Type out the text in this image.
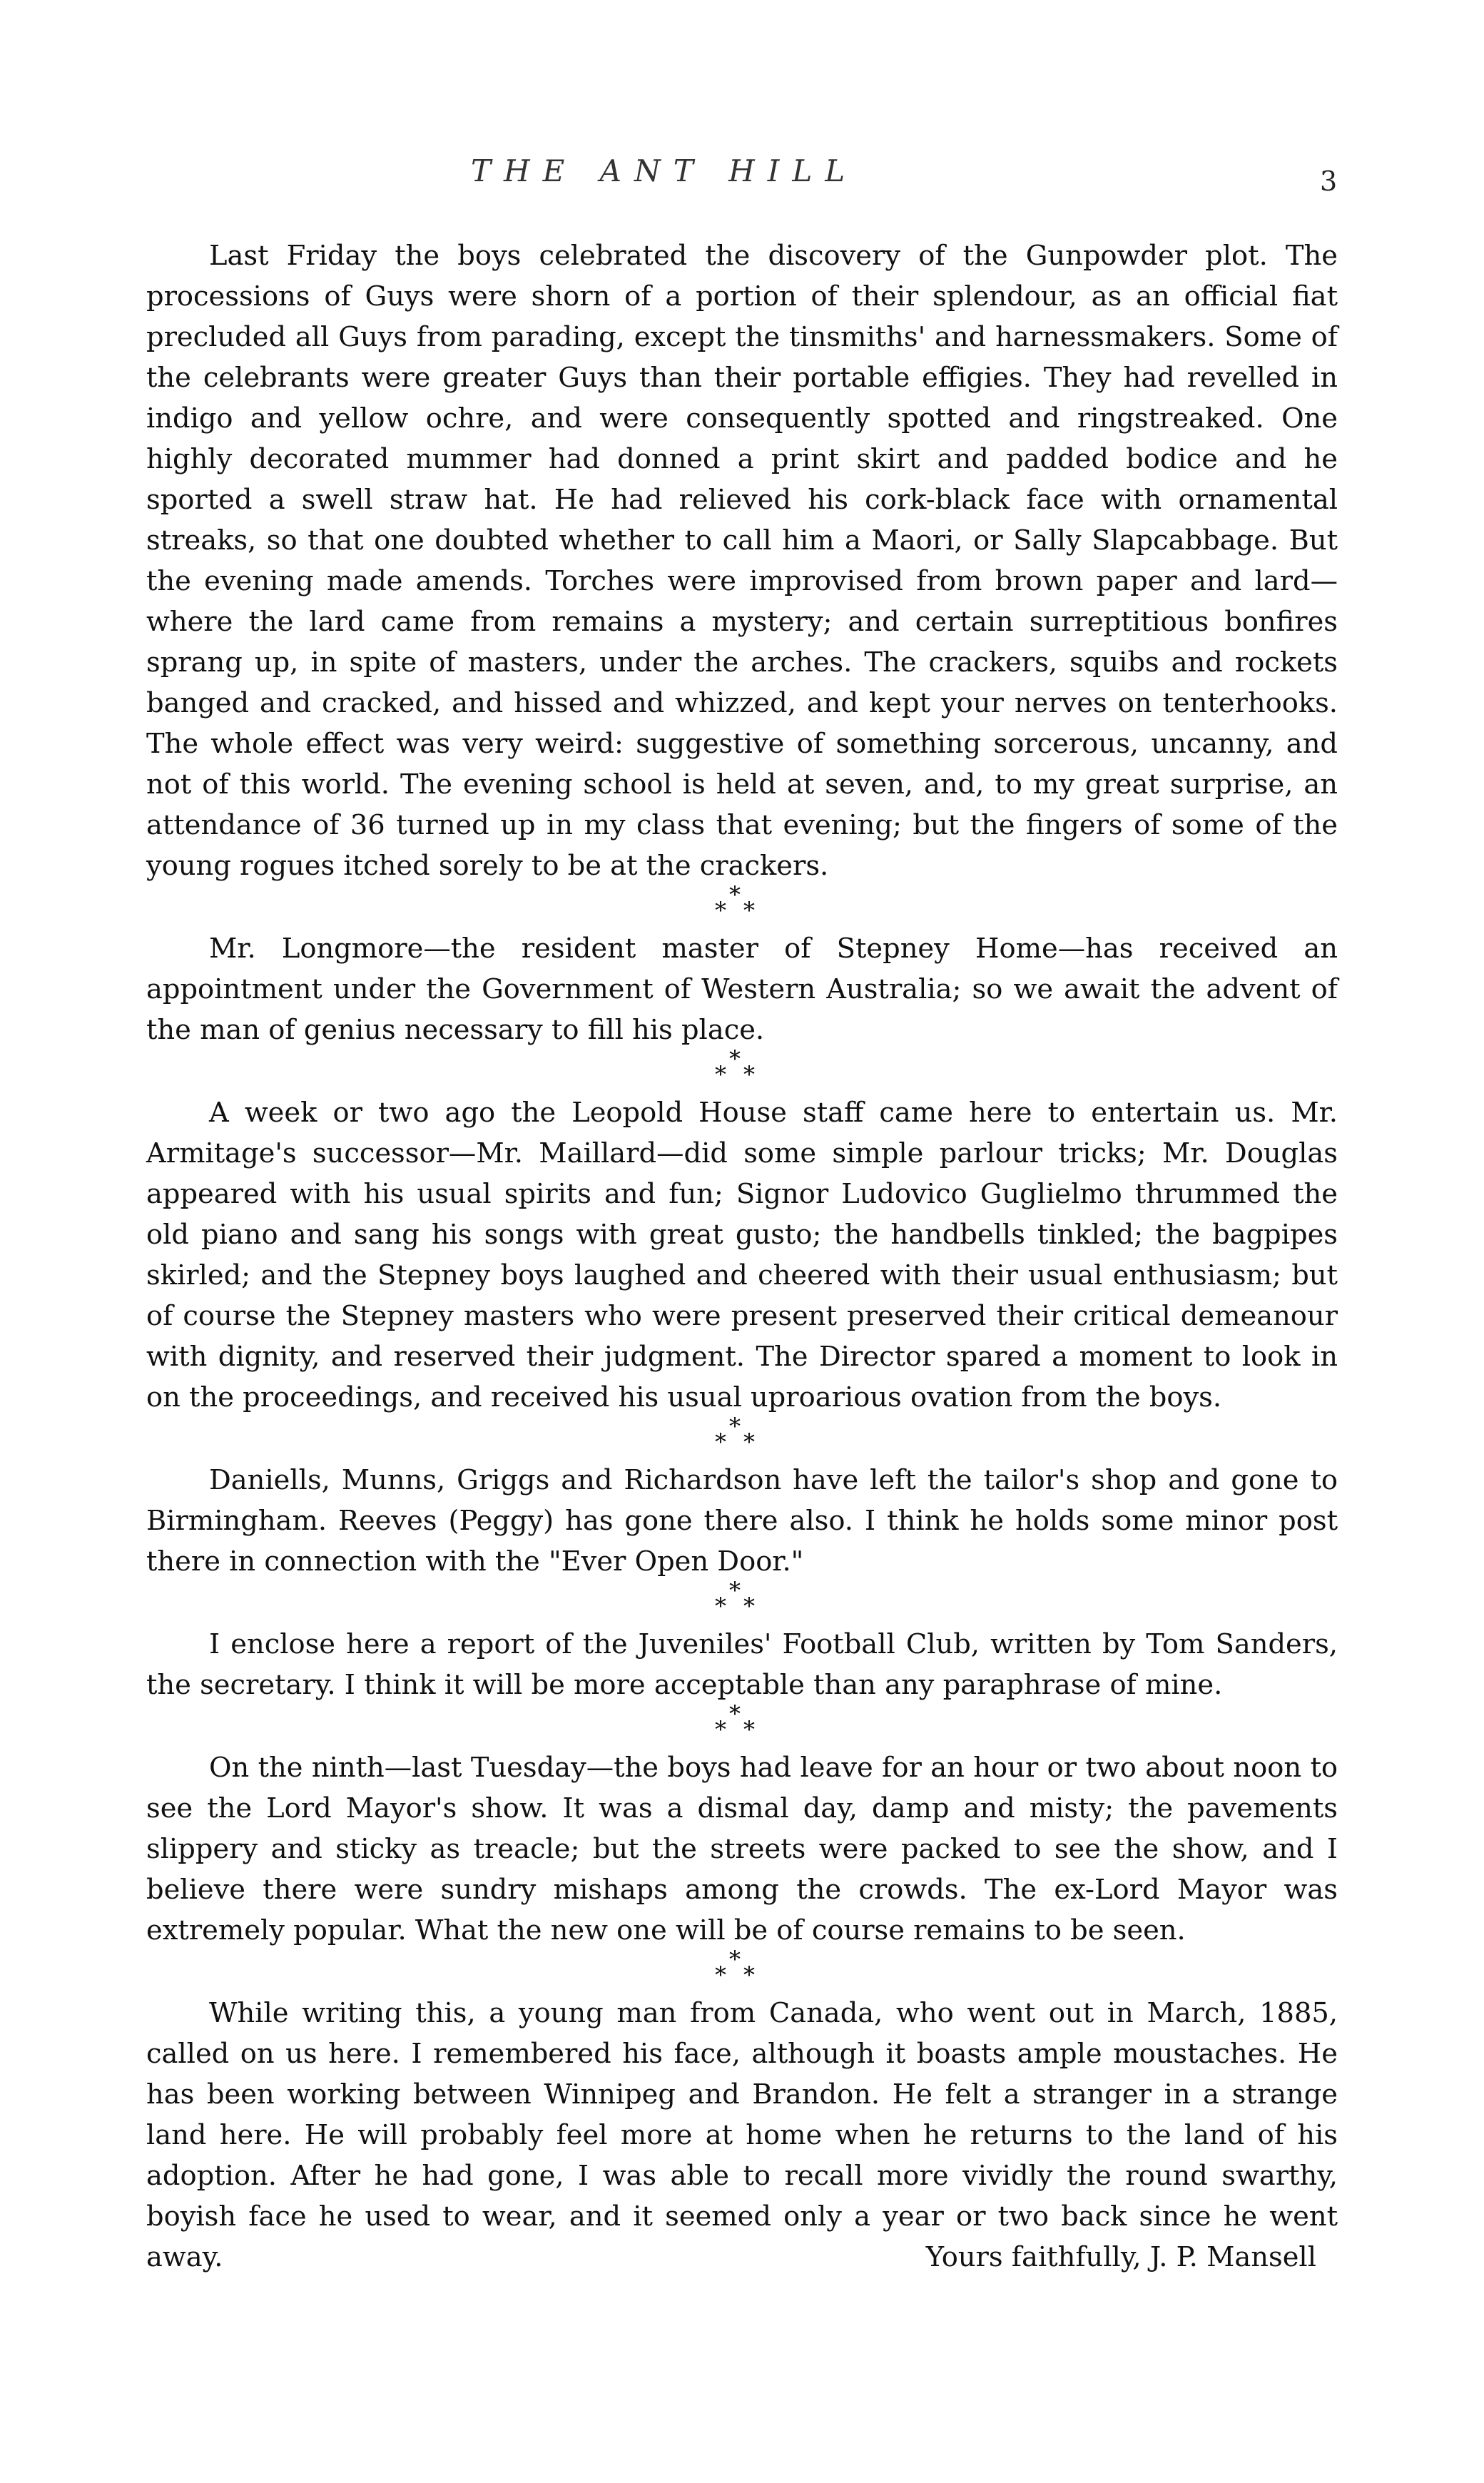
THE ANT HILL	3

Last Friday the boys celebrated the discovery of the Gunpowder plot. The processions of Guys were shorn of a portion of their splendour, as an official fiat precluded all Guys from parading, except the tinsmiths' and harnessmakers. Some of the celebrants were greater Guys than their portable effigies. They had revelled in indigo and yellow ochre, and were consequently spotted and ringstreaked. One highly decorated mummer had donned a print skirt and padded bodice and he sported a swell straw hat. He had relieved his cork-black face with ornamental streaks, so that one doubted whether to call him a Maori, or Sally Slapcabbage. But the evening made amends. Torches were improvised from brown paper and lard—where the lard came from remains a mystery; and certain surreptitious bonfires sprang up, in spite of masters, under the arches. The crackers, squibs and rockets banged and cracked, and hissed and whizzed, and kept your nerves on tenterhooks. The whole effect was very weird: suggestive of something sorcerous, uncanny, and not of this world. The evening school is held at seven, and, to my great surprise, an attendance of 36 turned up in my class that evening; but the fingers of some of the young rogues itched sorely to be at the crackers.

*
* *

Mr. Longmore—the resident master of Stepney Home—has received an appointment under the Government of Western Australia; so we await the advent of the man of genius necessary to fill his place.

*
* *

A week or two ago the Leopold House staff came here to entertain us. Mr. Armitage's successor—Mr. Maillard—did some simple parlour tricks; Mr. Douglas appeared with his usual spirits and fun; Signor Ludovico Guglielmo thrummed the old piano and sang his songs with great gusto; the handbells tinkled; the bagpipes skirled; and the Stepney boys laughed and cheered with their usual enthusiasm; but of course the Stepney masters who were present preserved their critical demeanour with dignity, and reserved their judgment. The Director spared a moment to look in on the proceedings, and received his usual uproarious ovation from the boys.

*
* *

Daniells, Munns, Griggs and Richardson have left the tailor's shop and gone to Birmingham. Reeves (Peggy) has gone there also. I think he holds some minor post there in connection with the "Ever Open Door."

*
* *

I enclose here a report of the Juveniles' Football Club, written by Tom Sanders, the secretary. I think it will be more acceptable than any paraphrase of mine.

*
* *

On the ninth—last Tuesday—the boys had leave for an hour or two about noon to see the Lord Mayor's show. It was a dismal day, damp and misty; the pavements slippery and sticky as treacle; but the streets were packed to see the show, and I believe there were sundry mishaps among the crowds. The ex-Lord Mayor was extremely popular. What the new one will be of course remains to be seen.

*
* *

While writing this, a young man from Canada, who went out in March, 1885, called on us here. I remembered his face, although it boasts ample moustaches. He has been working between Winnipeg and Brandon. He felt a stranger in a strange land here. He will probably feel more at home when he returns to the land of his adoption. After he had gone, I was able to recall more vividly the round swarthy, boyish face he used to wear, and it seemed only a year or two back since he went away.	Yours faithfully, J. P. Mansell
